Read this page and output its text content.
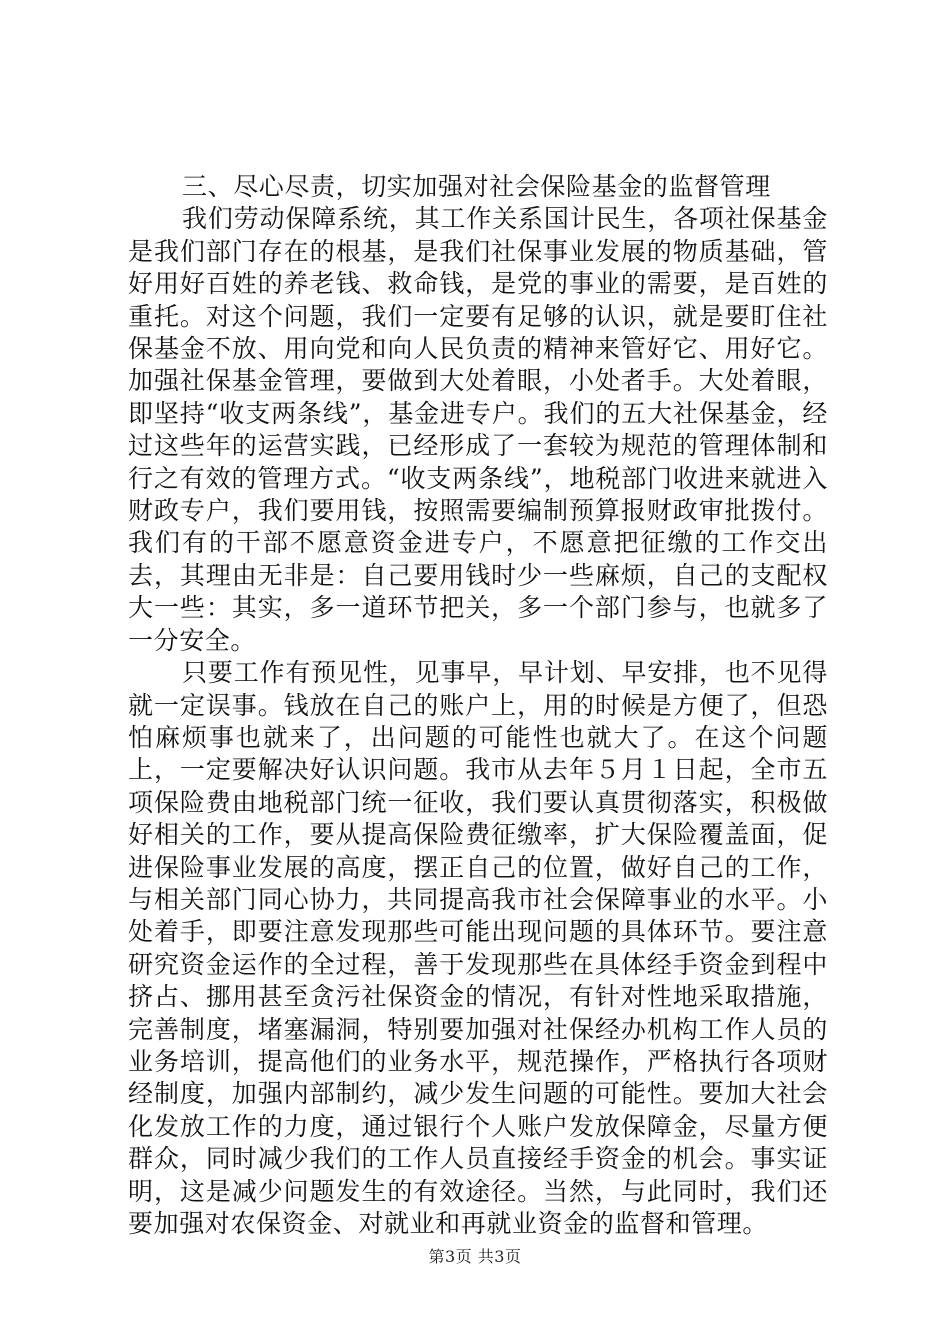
三、尽心尽责，切实加强对社会保险基金的监督管理

我们劳动保障系统，其工作关系国计民生，各项社保基金是我们部门存在的根基，是我们社保事业发展的物质基础，管好用好百姓的养老钱、救命钱，是党的事业的需要，是百姓的重托。对这个问题，我们一定要有足够的认识，就是要盯住社保基金不放、用向党和向人民负责的精神来管好它、用好它。加强社保基金管理，要做到大处着眼，小处者手。大处着眼，即坚持“收支两条线”，基金进专户。我们的五大社保基金，经过这些年的运营实践，已经形成了一套较为规范的管理体制和行之有效的管理方式。“收支两条线”，地税部门收进来就进入财政专户，我们要用钱，按照需要编制预算报财政审批拨付。我们有的干部不愿意资金进专户，不愿意把征缴的工作交出去，其理由无非是：自己要用钱时少一些麻烦，自己的支配权大一些：其实，多一道环节把关，多一个部门参与，也就多了一分安全。

只要工作有预见性，见事早，早计划、早安排，也不见得就一定误事。钱放在自己的账户上，用的时候是方便了，但恐怕麻烦事也就来了，出问题的可能性也就大了。在这个问题上，一定要解决好认识问题。我市从去年５月１日起，全市五项保险费由地税部门统一征收，我们要认真贯彻落实，积极做好相关的工作，要从提高保险费征缴率，扩大保险覆盖面，促进保险事业发展的高度，摆正自己的位置，做好自己的工作，与相关部门同心协力，共同提高我市社会保障事业的水平。小处着手，即要注意发现那些可能出现问题的具体环节。要注意研究资金运作的全过程，善于发现那些在具体经手资金到程中挤占、挪用甚至贪污社保资金的情况，有针对性地采取措施，完善制度，堵塞漏洞，特别要加强对社保经办机构工作人员的业务培训，提高他们的业务水平，规范操作，严格执行各项财经制度，加强内部制约，减少发生问题的可能性。要加大社会化发放工作的力度，通过银行个人账户发放保障金，尽量方便群众，同时减少我们的工作人员直接经手资金的机会。事实证明，这是减少问题发生的有效途径。当然，与此同时，我们还要加强对农保资金、对就业和再就业资金的监督和管理。

第3页 共3页
